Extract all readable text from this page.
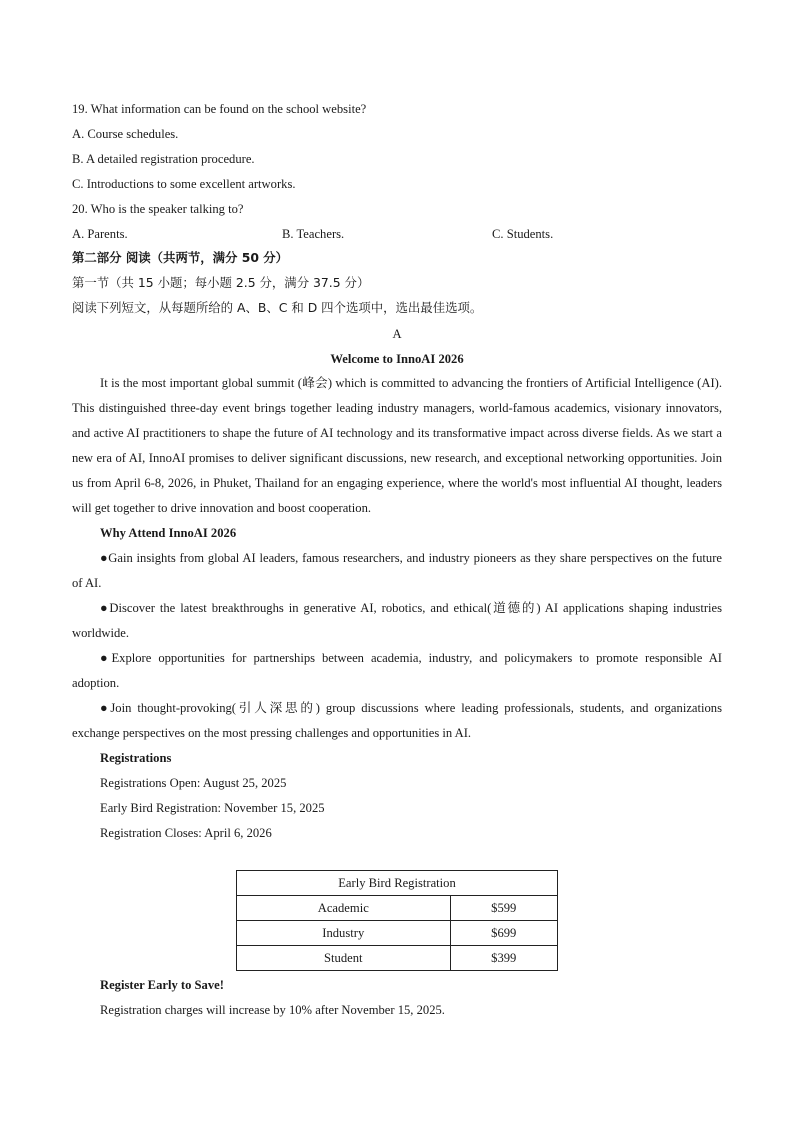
19. What information can be found on the school website?
A. Course schedules.
B. A detailed registration procedure.
C. Introductions to some excellent artworks.
20. Who is the speaker talking to?
A. Parents.	B. Teachers.	C. Students.
第二部分 阅读（共两节，满分 50 分）
第一节（共 15 小题；每小题 2.5 分，满分 37.5 分）
阅读下列短文，从每题所给的 A、B、C 和 D 四个选项中，选出最佳选项。
A
Welcome to InnoAI 2026

It is the most important global summit (峰会) which is committed to advancing the frontiers of Artificial Intelligence (AI). This distinguished three-day event brings together leading industry managers, world-famous academics, visionary innovators, and active AI practitioners to shape the future of AI technology and its transformative impact across diverse fields. As we start a new era of AI, InnoAI promises to deliver significant discussions, new research, and exceptional networking opportunities. Join us from April 6-8, 2026, in Phuket, Thailand for an engaging experience, where the world's most influential AI thought, leaders will get together to drive innovation and boost cooperation.

Why Attend InnoAI 2026

●Gain insights from global AI leaders, famous researchers, and industry pioneers as they share perspectives on the future of AI.

●Discover the latest breakthroughs in generative AI, robotics, and ethical(道德的) AI applications shaping industries worldwide.

●Explore opportunities for partnerships between academia, industry, and policymakers to promote responsible AI adoption.

●Join thought-provoking(引人深思的) group discussions where leading professionals, students, and organizations exchange perspectives on the most pressing challenges and opportunities in AI.

Registrations

Registrations Open: August 25, 2025

Early Bird Registration: November 15, 2025

Registration Closes: April 6, 2026

Early Bird Registration	
Academic	$599
Industry	$699
Student	$399
Register Early to Save!
Registration charges will increase by 10% after November 15, 2025.
